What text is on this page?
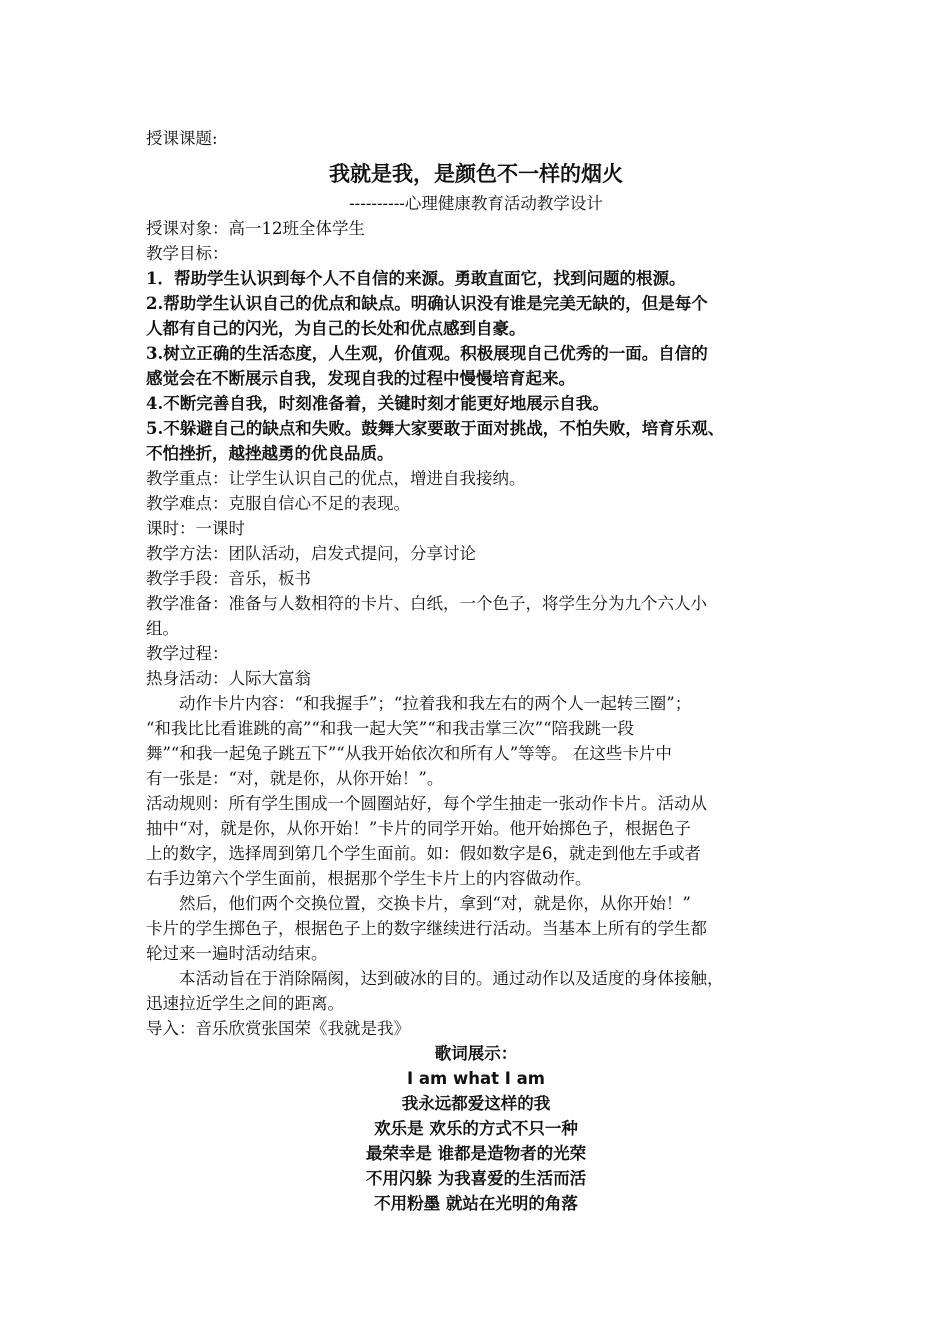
授课课题:
我就是我，是颜色不一样的烟火
----------心理健康教育活动教学设计
授课对象：高一12班全体学生
教学目标：
1．帮助学生认识到每个人不自信的来源。勇敢直面它，找到问题的根源。
2.帮助学生认识自己的优点和缺点。明确认识没有谁是完美无缺的，但是每个
人都有自己的闪光，为自己的长处和优点感到自豪。
3.树立正确的生活态度，人生观，价值观。积极展现自己优秀的一面。自信的
感觉会在不断展示自我，发现自我的过程中慢慢培育起来。
4.不断完善自我，时刻准备着，关键时刻才能更好地展示自我。
5.不躲避自己的缺点和失败。鼓舞大家要敢于面对挑战，不怕失败，培育乐观、
不怕挫折，越挫越勇的优良品质。
教学重点：让学生认识自己的优点，增进自我接纳。
教学难点：克服自信心不足的表现。
课时：一课时
教学方法：团队活动，启发式提问，分享讨论
教学手段：音乐，板书
教学准备：准备与人数相符的卡片、白纸，一个色子，将学生分为九个六人小
组。
教学过程：
热身活动：人际大富翁
动作卡片内容：“和我握手”；“拉着我和我左右的两个人一起转三圈”；
“和我比比看谁跳的高”“和我一起大笑”“和我击掌三次”“陪我跳一段
舞”“和我一起兔子跳五下”“从我开始依次和所有人”等等。 在这些卡片中
有一张是：“对，就是你，从你开始！”。
活动规则：所有学生围成一个圆圈站好，每个学生抽走一张动作卡片。活动从
抽中“对，就是你，从你开始！”卡片的同学开始。他开始掷色子，根据色子
上的数字，选择周到第几个学生面前。如：假如数字是6，就走到他左手或者
右手边第六个学生面前，根据那个学生卡片上的内容做动作。
然后，他们两个交换位置，交换卡片，拿到“对，就是你，从你开始！”
卡片的学生掷色子，根据色子上的数字继续进行活动。当基本上所有的学生都
轮过来一遍时活动结束。
本活动旨在于消除隔阂，达到破冰的目的。通过动作以及适度的身体接触，
迅速拉近学生之间的距离。
导入：音乐欣赏张国荣《我就是我》
歌词展示：
I am what I am
我永远都爱这样的我
欢乐是 欢乐的方式不只一种
最荣幸是 谁都是造物者的光荣
不用闪躲 为我喜爱的生活而活
不用粉墨 就站在光明的角落
